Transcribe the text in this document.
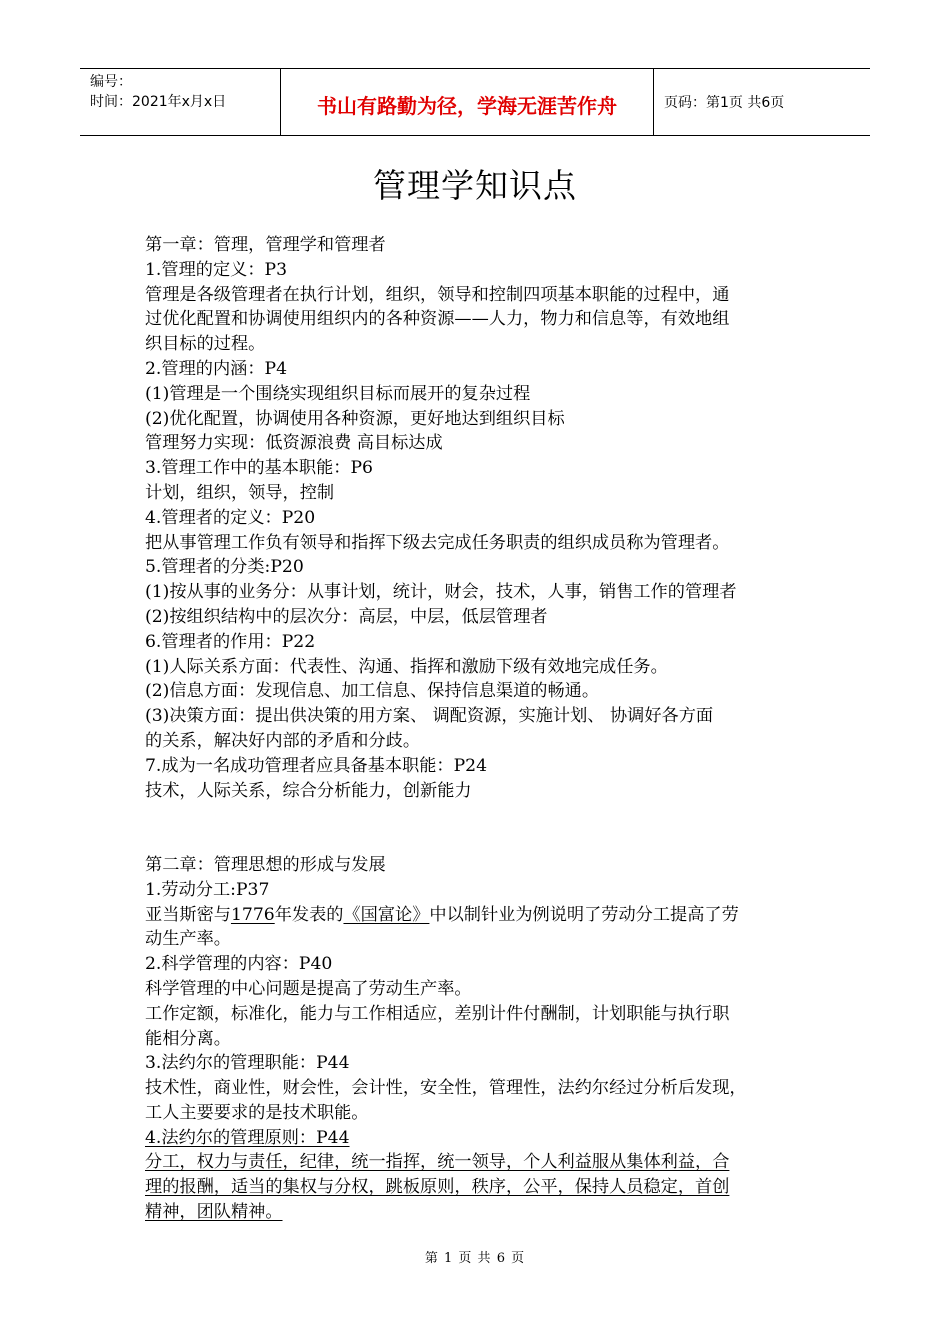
编号：
时间：2021年x月x日	书山有路勤为径，学海无涯苦作舟	页码：第1页 共6页
管理学知识点
第一章：管理，管理学和管理者
1.管理的定义：P3
管理是各级管理者在执行计划，组织，领导和控制四项基本职能的过程中，通
过优化配置和协调使用组织内的各种资源——人力，物力和信息等，有效地组
织目标的过程。
2.管理的内涵：P4
(1)管理是一个围绕实现组织目标而展开的复杂过程
(2)优化配置，协调使用各种资源，更好地达到组织目标
管理努力实现：低资源浪费 高目标达成
3.管理工作中的基本职能：P6
计划，组织，领导，控制
4.管理者的定义：P20
把从事管理工作负有领导和指挥下级去完成任务职责的组织成员称为管理者。
5.管理者的分类:P20
(1)按从事的业务分：从事计划，统计，财会，技术，人事，销售工作的管理者
(2)按组织结构中的层次分：高层，中层，低层管理者
6.管理者的作用：P22
(1)人际关系方面：代表性、沟通、指挥和激励下级有效地完成任务。
(2)信息方面：发现信息、加工信息、保持信息渠道的畅通。
(3)决策方面：提出供决策的用方案、 调配资源，实施计划、 协调好各方面
的关系，解决好内部的矛盾和分歧。
7.成为一名成功管理者应具备基本职能：P24
技术，人际关系，综合分析能力，创新能力
第二章：管理思想的形成与发展
1.劳动分工:P37
亚当斯密与1776年发表的《国富论》中以制针业为例说明了劳动分工提高了劳
动生产率。
2.科学管理的内容：P40
科学管理的中心问题是提高了劳动生产率。
工作定额，标准化，能力与工作相适应，差别计件付酬制，计划职能与执行职
能相分离。
3.法约尔的管理职能：P44
技术性，商业性，财会性，会计性，安全性，管理性，法约尔经过分析后发现，
工人主要要求的是技术职能。
4.法约尔的管理原则：P44
分工，权力与责任，纪律，统一指挥，统一领导，个人利益服从集体利益，合
理的报酬，适当的集权与分权，跳板原则，秩序，公平，保持人员稳定，首创
精神，团队精神。
第 1 页 共 6 页
